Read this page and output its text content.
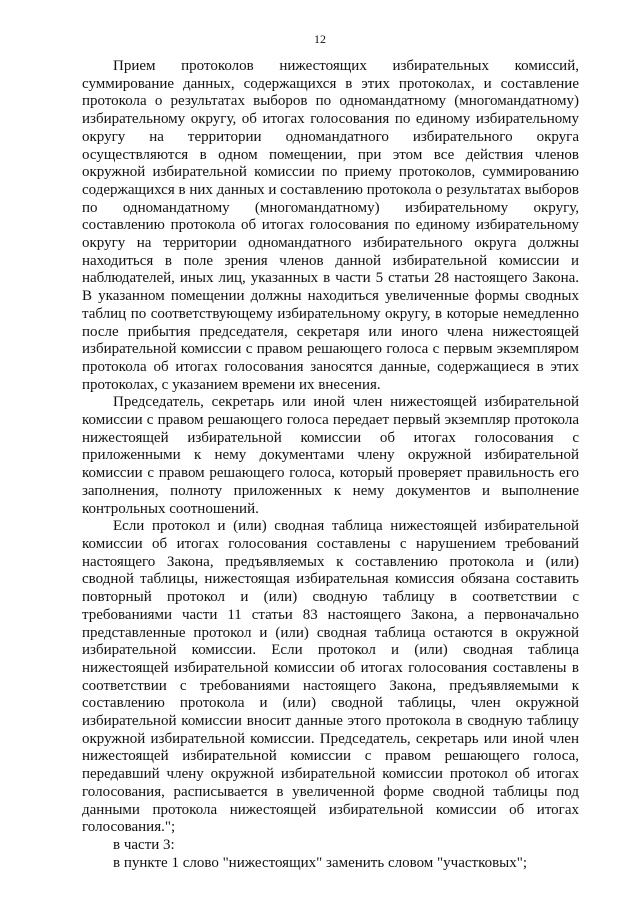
12

Прием протоколов нижестоящих избирательных комиссий, суммирование данных, содержащихся в этих протоколах, и составление протокола о результатах выборов по одномандатному (многомандатному) избирательному округу, об итогах голосования по единому избирательному округу на территории одномандатного избирательного округа осуществляются в одном помещении, при этом все действия членов окружной избирательной комиссии по приему протоколов, суммированию содержащихся в них данных и составлению протокола о результатах выборов по одномандатному (многомандатному) избирательному округу, составлению протокола об итогах голосования по единому избирательному округу на территории одномандатного избирательного округа должны находиться в поле зрения членов данной избирательной комиссии и наблюдателей, иных лиц, указанных в части 5 статьи 28 настоящего Закона. В указанном помещении должны находиться увеличенные формы сводных таблиц по соответствующему избирательному округу, в которые немедленно после прибытия председателя, секретаря или иного члена нижестоящей избирательной комиссии с правом решающего голоса с первым экземпляром протокола об итогах голосования заносятся данные, содержащиеся в этих протоколах, с указанием времени их внесения.

Председатель, секретарь или иной член нижестоящей избирательной комиссии с правом решающего голоса передает первый экземпляр протокола нижестоящей избирательной комиссии об итогах голосования с приложенными к нему документами члену окружной избирательной комиссии с правом решающего голоса, который проверяет правильность его заполнения, полноту приложенных к нему документов и выполнение контрольных соотношений.

Если протокол и (или) сводная таблица нижестоящей избирательной комиссии об итогах голосования составлены с нарушением требований настоящего Закона, предъявляемых к составлению протокола и (или) сводной таблицы, нижестоящая избирательная комиссия обязана составить повторный протокол и (или) сводную таблицу в соответствии с требованиями части 11 статьи 83 настоящего Закона, а первоначально представленные протокол и (или) сводная таблица остаются в окружной избирательной комиссии. Если протокол и (или) сводная таблица нижестоящей избирательной комиссии об итогах голосования составлены в соответствии с требованиями настоящего Закона, предъявляемыми к составлению протокола и (или) сводной таблицы, член окружной избирательной комиссии вносит данные этого протокола в сводную таблицу окружной избирательной комиссии. Председатель, секретарь или иной член нижестоящей избирательной комиссии с правом решающего голоса, передавший члену окружной избирательной комиссии протокол об итогах голосования, расписывается в увеличенной форме сводной таблицы под данными протокола нижестоящей избирательной комиссии об итогах голосования.";

в части 3:

в пункте 1 слово "нижестоящих" заменить словом "участковых";
